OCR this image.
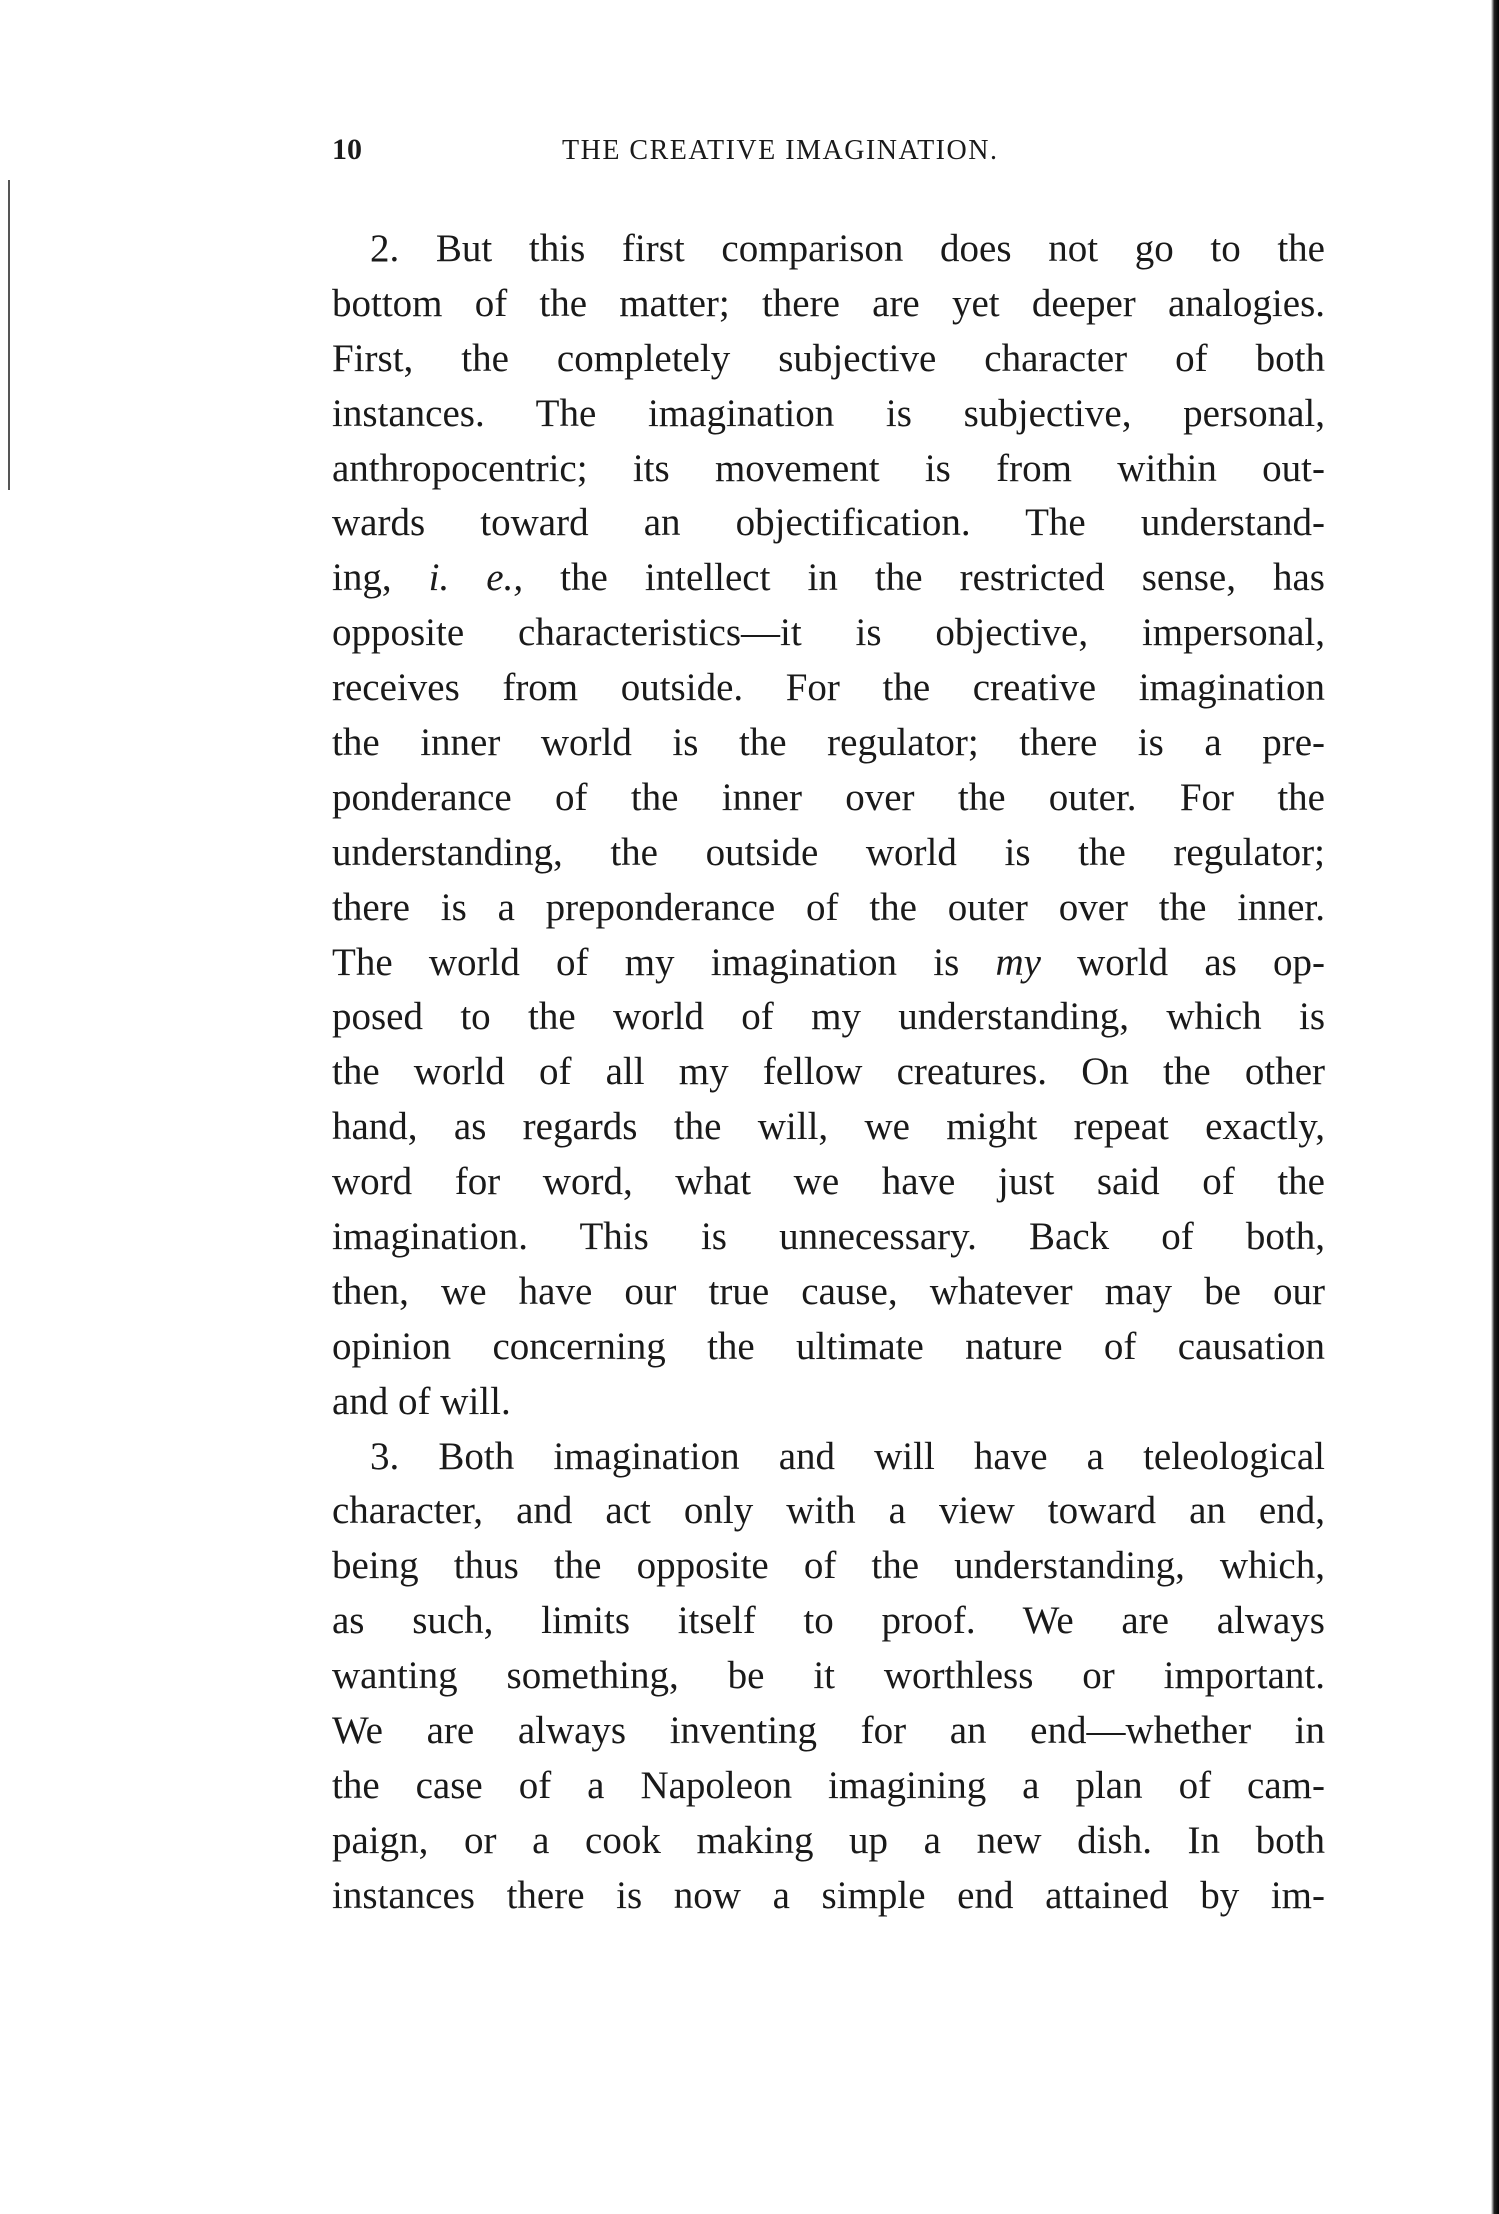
10	THE CREATIVE IMAGINATION.
2. But this first comparison does not go to the
bottom of the matter; there are yet deeper analogies.
First, the completely subjective character of both
instances. The imagination is subjective, personal,
anthropocentric; its movement is from within out-
wards toward an objectification. The understand-
ing, i. e., the intellect in the restricted sense, has
opposite characteristics—it is objective, impersonal,
receives from outside. For the creative imagination
the inner world is the regulator; there is a pre-
ponderance of the inner over the outer. For the
understanding, the outside world is the regulator;
there is a preponderance of the outer over the inner.
The world of my imagination is my world as op-
posed to the world of my understanding, which is
the world of all my fellow creatures. On the other
hand, as regards the will, we might repeat exactly,
word for word, what we have just said of the
imagination. This is unnecessary. Back of both,
then, we have our true cause, whatever may be our
opinion concerning the ultimate nature of causation
and of will.
3. Both imagination and will have a teleological
character, and act only with a view toward an end,
being thus the opposite of the understanding, which,
as such, limits itself to proof. We are always
wanting something, be it worthless or important.
We are always inventing for an end—whether in
the case of a Napoleon imagining a plan of cam-
paign, or a cook making up a new dish. In both
instances there is now a simple end attained by im-
